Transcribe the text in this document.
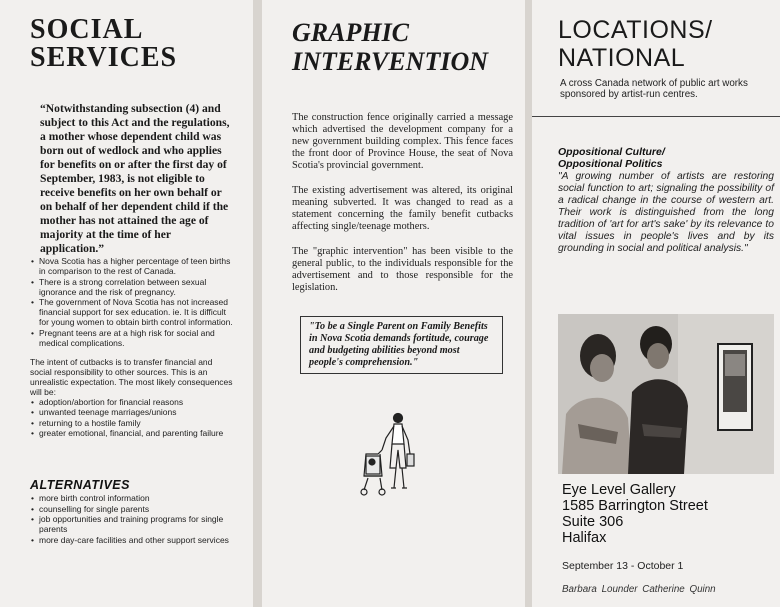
SOCIAL
SERVICES

“Notwithstanding subsection (4) and subject to this Act and the regulations, a mother whose dependent child was born out of wedlock and who applies for benefits on or after the first day of September, 1983, is not eligible to receive benefits on her own behalf or on behalf of her dependent child if the mother has not attained the age of majority at the time of her application.”

• Nova Scotia has a higher percentage of teen births in comparison to the rest of Canada.
• There is a strong correlation between sexual ignorance and the risk of pregnancy.
• The government of Nova Scotia has not increased financial support for sex education. ie. It is difficult for young women to obtain birth control information.
• Pregnant teens are at a high risk for social and medical complications.

The intent of cutbacks is to transfer financial and social responsibility to other sources. This is an unrealistic expectation. The most likely consequences will be:

• adoption/abortion for financial reasons
• unwanted teenage marriages/unions
• returning to a hostile family
• greater emotional, financial, and parenting failure
ALTERNATIVES
• more birth control information
• counselling for single parents
• job opportunities and training programs for single parents
• more day-care facilities and other support services
GRAPHIC
INTERVENTION

The construction fence originally carried a message which advertised the development company for a new government building complex. This fence faces the front door of Province House, the seat of Nova Scotia's provincial government.

The existing advertisement was altered, its original meaning subverted. It was changed to read as a statement concerning the family benefit cutbacks affecting single/teenage mothers.

The "graphic intervention" has been visible to the general public, to the individuals responsible for the advertisement and to those responsible for the legislation.

"To be a Single Parent on Family Benefits in Nova Scotia demands fortitude, courage and budgeting abilities beyond most people's comprehension."
LOCATIONS/
NATIONAL

A cross Canada network of public art works sponsored by artist-run centres.

Oppositional Culture/
Oppositional Politics

"A growing number of artists are restoring social function to art; signaling the possibility of a radical change in the course of western art. Their work is distinguished from the long tradition of 'art for art's sake' by its relevance to vital issues in people's lives and by its grounding in social and political analysis."

Eye Level Gallery
1585 Barrington Street
Suite 306
Halifax
September 13 - October 1
Barbara Lounder Catherine Quinn
